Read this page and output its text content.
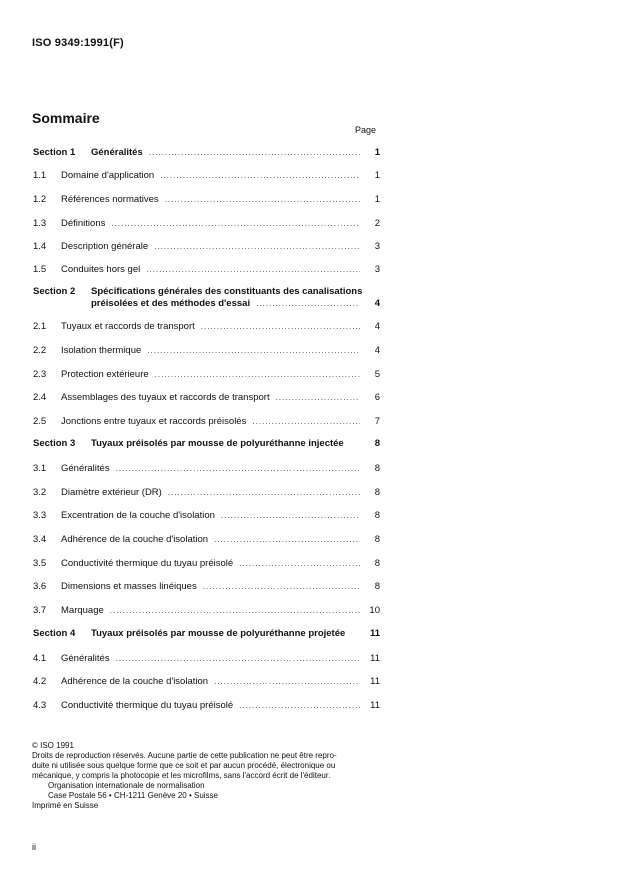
ISO 9349:1991(F)
Sommaire
Page
Section 1	Généralités .....	1
1.1	Domaine d'application .....	1
1.2	Références normatives .....	1
1.3	Définitions .....	2
1.4	Description générale .....	3
1.5	Conduites hors gel .....	3
Section 2	Spécifications générales des constituants des canalisations
préisolées et des méthodes d'essai .....	4
2.1	Tuyaux et raccords de transport .....	4
2.2	Isolation thermique .....	4
2.3	Protection extérieure .....	5
2.4	Assemblages des tuyaux et raccords de transport .....	6
2.5	Jonctions entre tuyaux et raccords préisolés .....	7
Section 3	Tuyaux préisolés par mousse de polyuréthanne injectée	8
3.1	Généralités .....	8
3.2	Diamètre extérieur (DR) .....	8
3.3	Excentration de la couche d'isolation .....	8
3.4	Adhérence de la couche d'isolation .....	8
3.5	Conductivité thermique du tuyau préisolé .....	8
3.6	Dimensions et masses linéiques .....	8
3.7	Marquage .....	10
Section 4	Tuyaux préisolés par mousse de polyuréthanne projetée	11
4.1	Généralités .....	11
4.2	Adhérence de la couche d'isolation .....	11
4.3	Conductivité thermique du tuyau préisolé .....	11
© ISO 1991
Droits de reproduction réservés. Aucune partie de cette publication ne peut être repro-
duite ni utilisée sous quelque forme que ce soit et par aucun procédé, électronique ou
mécanique, y compris la photocopie et les microfilms, sans l'accord écrit de l'éditeur.
Organisation internationale de normalisation
Case Postale 56 • CH-1211 Genève 20 • Suisse
Imprimé en Suisse
ii
